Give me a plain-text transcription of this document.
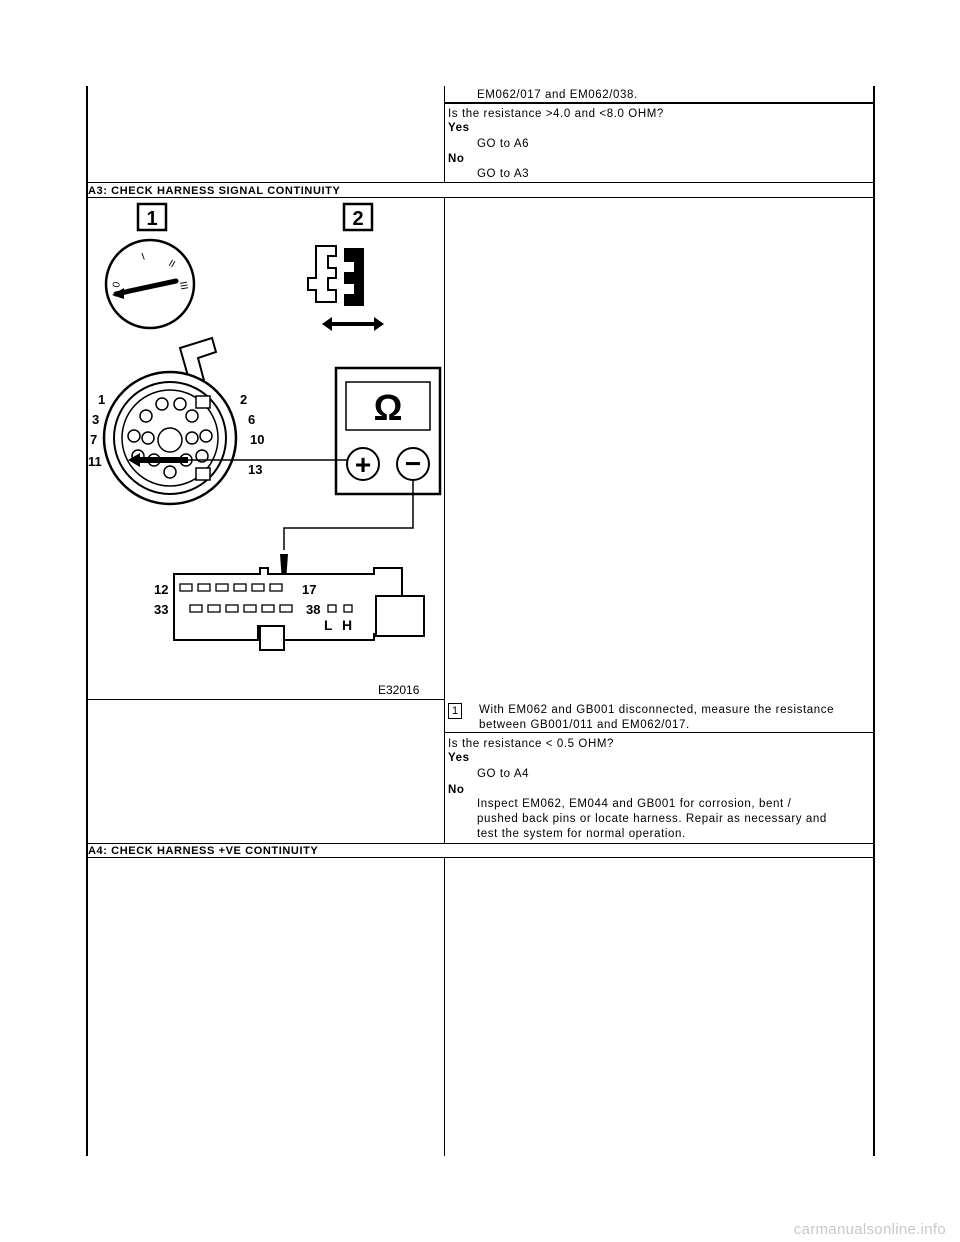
EM062/017 and EM062/038.
Is the resistance >4.0 and <8.0 OHM?
Yes
GO to A6
No
GO to A3
A3: CHECK HARNESS SIGNAL CONTINUITY
1	2
0
I
II
III
1	2
3	6
7	10
11
13
Ω
+ −
12	17
33	38
L H
E32016
1	With EM062 and GB001 disconnected, measure the resistance
between GB001/011 and EM062/017.
Is the resistance < 0.5 OHM?
Yes
GO to A4
No
Inspect EM062, EM044 and GB001 for corrosion, bent /
pushed back pins or locate harness. Repair as necessary and
test the system for normal operation.
A4: CHECK HARNESS +VE CONTINUITY
carmanualsonline.info
